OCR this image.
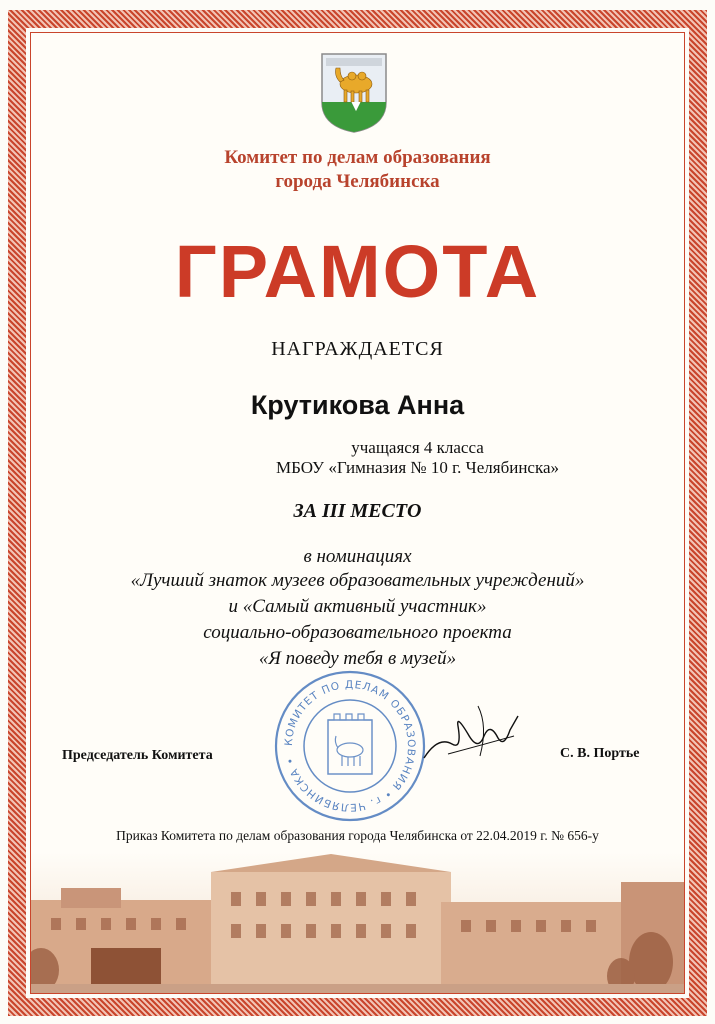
Комитет по делам образования
города Челябинска
ГРАМОТА
НАГРАЖДАЕТСЯ
Крутикова Анна
учащаяся 4 класса
МБОУ «Гимназия № 10 г. Челябинска»
ЗА III МЕСТО
в номинациях
«Лучший знаток музеев образовательных учреждений»
и «Самый активный участник»
социально-образовательного проекта
«Я поведу тебя в музей»
КОМИТЕТ ПО ДЕЛАМ ОБРАЗОВАНИЯ • г. ЧЕЛЯБИНСКА •
Председатель Комитета	С. В. Портье
Приказ Комитета по делам образования города Челябинска от 22.04.2019 г. № 656-у
